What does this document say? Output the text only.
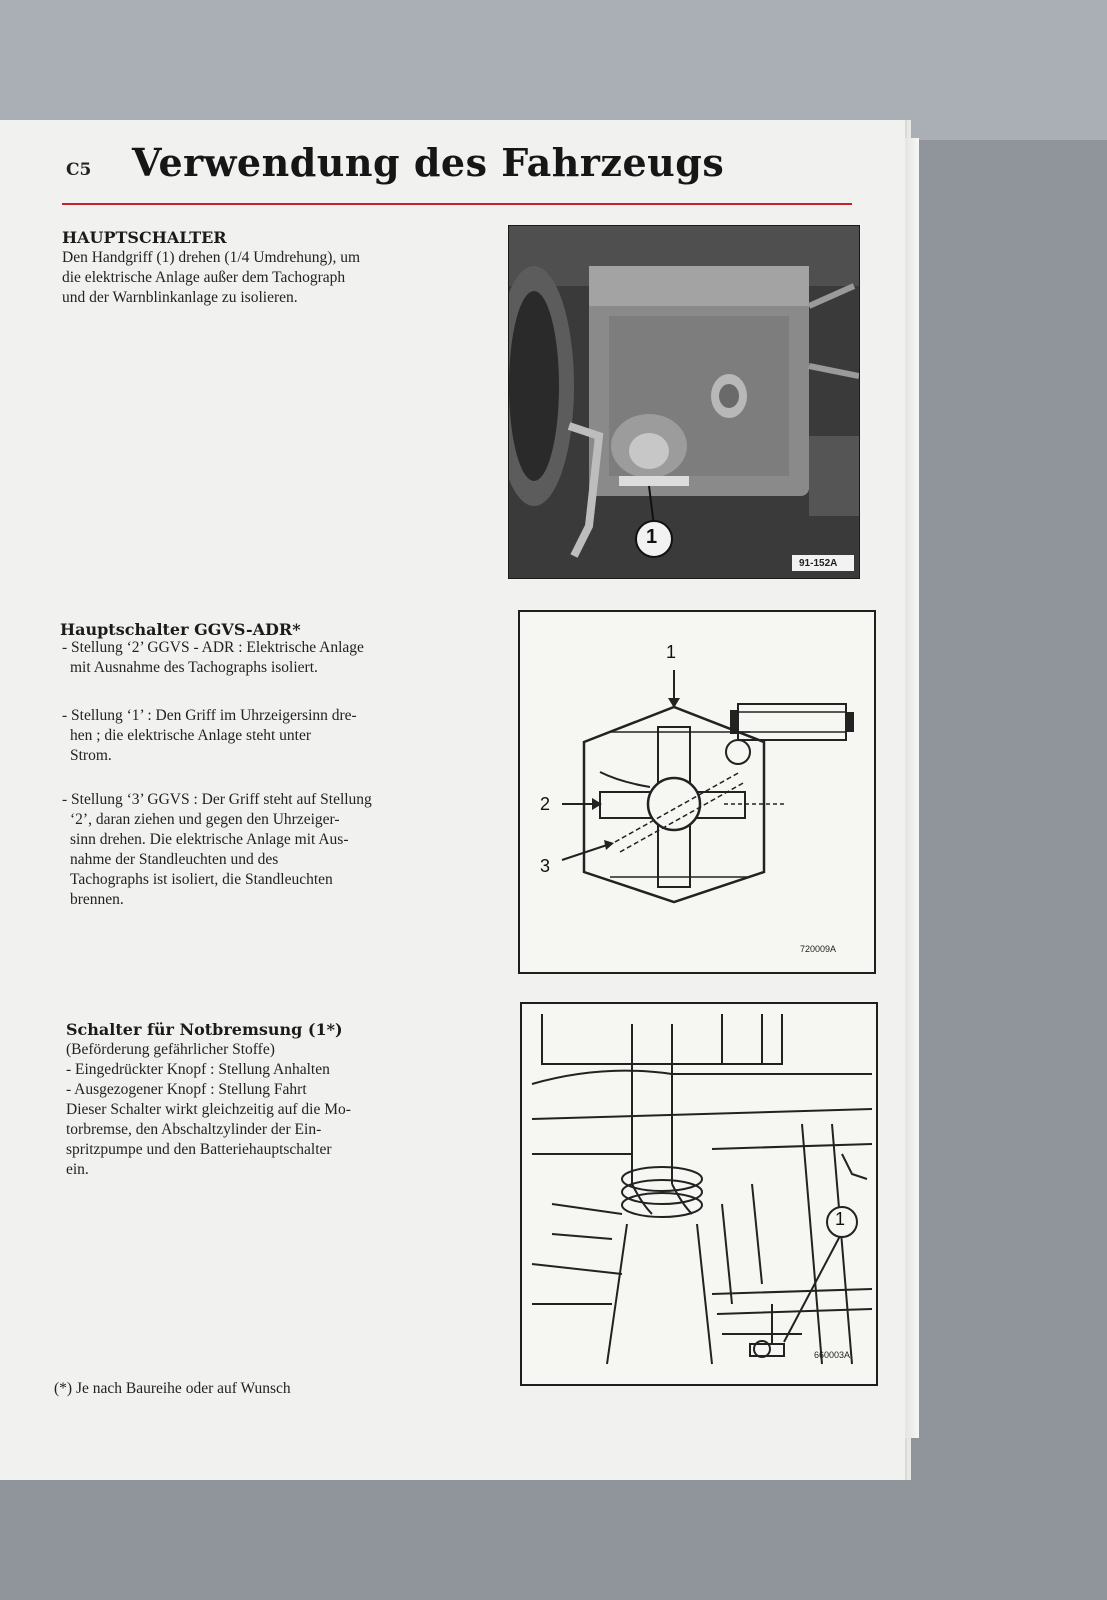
C5 Verwendung des Fahrzeugs
HAUPTSCHALTER

Den Handgriff (1) drehen (1/4 Umdrehung), um

die elektrische Anlage außer dem Tachograph

und der Warnblinkanlage zu isolieren.

Hauptschalter GGVS-ADR*

- Stellung ‘2’ GGVS - ADR : Elektrische Anlage

mit Ausnahme des Tachographs isoliert.

- Stellung ‘1’ : Den Griff im Uhrzeigersinn dre-

hen ; die elektrische Anlage steht unter

Strom.

- Stellung ‘3’ GGVS : Der Griff steht auf Stellung

‘2’, daran ziehen und gegen den Uhrzeiger-

sinn drehen. Die elektrische Anlage mit Aus-

nahme der Standleuchten und des

Tachographs ist isoliert, die Standleuchten

brennen.

Schalter für Notbremsung (1*)

(Beförderung gefährlicher Stoffe)

- Eingedrückter Knopf : Stellung Anhalten

- Ausgezogener Knopf : Stellung Fahrt

Dieser Schalter wirkt gleichzeitig auf die Mo-

torbremse, den Abschaltzylinder der Ein-

spritzpumpe und den Batteriehauptschalter

ein.

1
91-152A
1
2
3
720009A
1
660003A
(*) Je nach Baureihe oder auf Wunsch
